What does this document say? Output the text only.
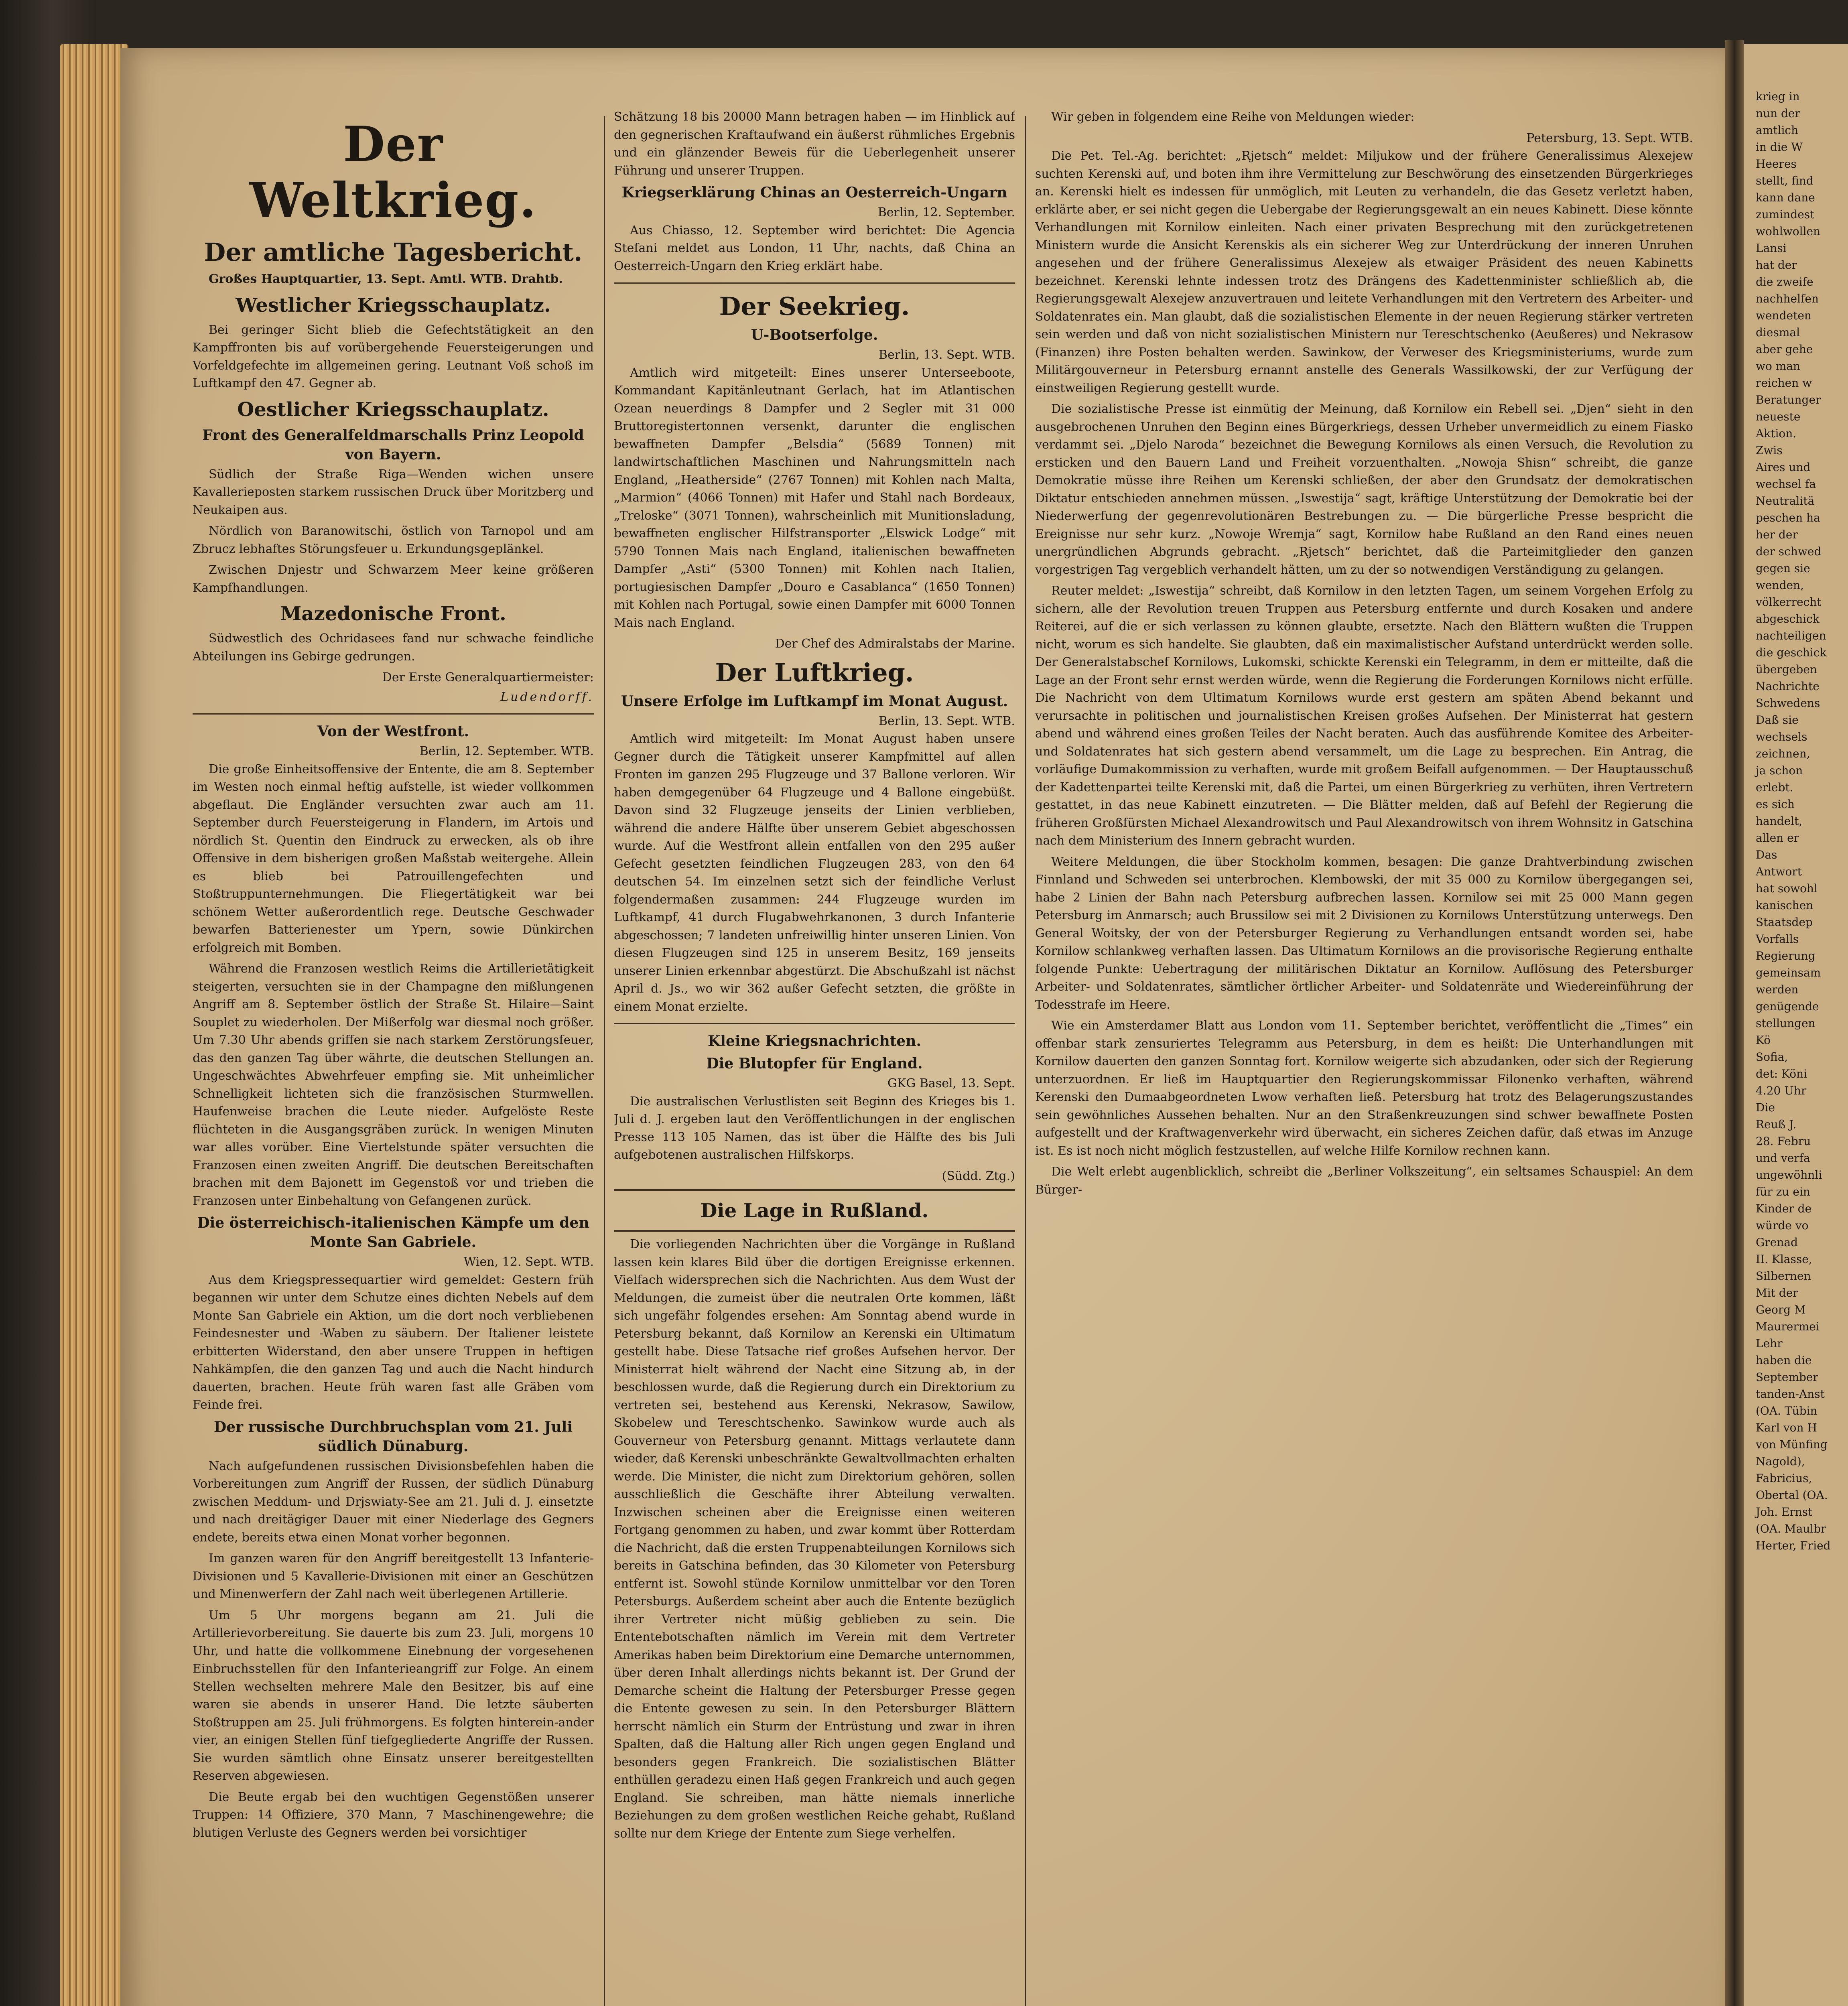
Der Weltkrieg.
Der amtliche Tagesbericht.

Großes Hauptquartier, 13. Sept. Amtl. WTB. Drahtb.

Westlicher Kriegsschauplatz.

Bei geringer Sicht blieb die Gefechtstätigkeit an den Kampffronten bis auf vorübergehende Feuersteigerungen und Vorfeldgefechte im allgemeinen gering. Leutnant Voß schoß im Luftkampf den 47. Gegner ab.

Oestlicher Kriegsschauplatz.
Front des Generalfeldmarschalls Prinz Leopold von Bayern.

Südlich der Straße Riga—Wenden wichen unsere Kavallerieposten starkem russischen Druck über Moritzberg und Neukaipen aus.

Nördlich von Baranowitschi, östlich von Tarnopol und am Zbrucz lebhaftes Störungsfeuer u. Erkundungsgeplänkel.

Zwischen Dnjestr und Schwarzem Meer keine größeren Kampfhandlungen.

Mazedonische Front.

Südwestlich des Ochridasees fand nur schwache feindliche Abteilungen ins Gebirge gedrungen.

Der Erste Generalquartiermeister:

Ludendorff.

Von der Westfront.

Berlin, 12. September. WTB.

Die große Einheitsoffensive der Entente, die am 8. September im Westen noch einmal heftig aufstelle, ist wieder vollkommen abgeflaut. Die Engländer versuchten zwar auch am 11. September durch Feuersteigerung in Flandern, im Artois und nördlich St. Quentin den Eindruck zu erwecken, als ob ihre Offensive in dem bisherigen großen Maßstab weitergehe. Allein es blieb bei Patrouillengefechten und Stoßtruppunternehmungen. Die Fliegertätigkeit war bei schönem Wetter außerordentlich rege. Deutsche Geschwader bewarfen Batterienester um Ypern, sowie Dünkirchen erfolgreich mit Bomben.

Während die Franzosen westlich Reims die Artillerietätigkeit steigerten, versuchten sie in der Champagne den mißlungenen Angriff am 8. September östlich der Straße St. Hilaire—Saint Souplet zu wiederholen. Der Mißerfolg war diesmal noch größer. Um 7.30 Uhr abends griffen sie nach starkem Zerstörungsfeuer, das den ganzen Tag über währte, die deutschen Stellungen an. Ungeschwächtes Abwehrfeuer empfing sie. Mit unheimlicher Schnelligkeit lichteten sich die französischen Sturmwellen. Haufenweise brachen die Leute nieder. Aufgelöste Reste flüchteten in die Ausgangsgräben zurück. In wenigen Minuten war alles vorüber. Eine Viertelstunde später versuchten die Franzosen einen zweiten Angriff. Die deutschen Bereitschaften brachen mit dem Bajonett im Gegenstoß vor und trieben die Franzosen unter Einbehaltung von Gefangenen zurück.

Die österreichisch-italienischen Kämpfe um den Monte San Gabriele.

Wien, 12. Sept. WTB.

Aus dem Kriegspressequartier wird gemeldet: Gestern früh begannen wir unter dem Schutze eines dichten Nebels auf dem Monte San Gabriele ein Aktion, um die dort noch verbliebenen Feindesnester und -Waben zu säubern. Der Italiener leistete erbitterten Widerstand, den aber unsere Truppen in heftigen Nahkämpfen, die den ganzen Tag und auch die Nacht hindurch dauerten, brachen. Heute früh waren fast alle Gräben vom Feinde frei.

Der russische Durchbruchsplan vom 21. Juli südlich Dünaburg.

Nach aufgefundenen russischen Divisionsbefehlen haben die Vorbereitungen zum Angriff der Russen, der südlich Dünaburg zwischen Meddum- und Drjswiaty-See am 21. Juli d. J. einsetzte und nach dreitägiger Dauer mit einer Niederlage des Gegners endete, bereits etwa einen Monat vorher begonnen.

Im ganzen waren für den Angriff bereitgestellt 13 Infanterie-Divisionen und 5 Kavallerie-Divisionen mit einer an Geschützen und Minenwerfern der Zahl nach weit überlegenen Artillerie.

Um 5 Uhr morgens begann am 21. Juli die Artillerievorbereitung. Sie dauerte bis zum 23. Juli, morgens 10 Uhr, und hatte die vollkommene Einebnung der vorgesehenen Einbruchsstellen für den Infanterieangriff zur Folge. An einem Stellen wechselten mehrere Male den Besitzer, bis auf eine waren sie abends in unserer Hand. Die letzte säuberten Stoßtruppen am 25. Juli frühmorgens. Es folgten hinterein-ander vier, an einigen Stellen fünf tiefgegliederte Angriffe der Russen. Sie wurden sämtlich ohne Einsatz unserer bereitgestellten Reserven abgewiesen.

Die Beute ergab bei den wuchtigen Gegenstößen unserer Truppen: 14 Offiziere, 370 Mann, 7 Maschinengewehre; die blutigen Verluste des Gegners werden bei vorsichtiger

Schätzung 18 bis 20000 Mann betragen haben — im Hinblick auf den gegnerischen Kraftaufwand ein äußerst rühmliches Ergebnis und ein glänzender Beweis für die Ueberlegenheit unserer Führung und unserer Truppen.

Kriegserklärung Chinas an Oesterreich-Ungarn

Berlin, 12. September.

Aus Chiasso, 12. September wird berichtet: Die Agencia Stefani meldet aus London, 11 Uhr, nachts, daß China an Oesterreich-Ungarn den Krieg erklärt habe.

Der Seekrieg.
U-Bootserfolge.

Berlin, 13. Sept. WTB.

Amtlich wird mitgeteilt: Eines unserer Unterseeboote, Kommandant Kapitänleutnant Gerlach, hat im Atlantischen Ozean neuerdings 8 Dampfer und 2 Segler mit 31 000 Bruttoregistertonnen versenkt, darunter die englischen bewaffneten Dampfer „Belsdia“ (5689 Tonnen) mit landwirtschaftlichen Maschinen und Nahrungsmitteln nach England, „Heatherside“ (2767 Tonnen) mit Kohlen nach Malta, „Marmion“ (4066 Tonnen) mit Hafer und Stahl nach Bordeaux, „Treloske“ (3071 Tonnen), wahrscheinlich mit Munitionsladung, bewaffneten englischer Hilfstransporter „Elswick Lodge“ mit 5790 Tonnen Mais nach England, italienischen bewaffneten Dampfer „Asti“ (5300 Tonnen) mit Kohlen nach Italien, portugiesischen Dampfer „Douro e Casablanca“ (1650 Tonnen) mit Kohlen nach Portugal, sowie einen Dampfer mit 6000 Tonnen Mais nach England.

Der Chef des Admiralstabs der Marine.

Der Luftkrieg.
Unsere Erfolge im Luftkampf im Monat August.

Berlin, 13. Sept. WTB.

Amtlich wird mitgeteilt: Im Monat August haben unsere Gegner durch die Tätigkeit unserer Kampfmittel auf allen Fronten im ganzen 295 Flugzeuge und 37 Ballone verloren. Wir haben demgegenüber 64 Flugzeuge und 4 Ballone eingebüßt. Davon sind 32 Flugzeuge jenseits der Linien verblieben, während die andere Hälfte über unserem Gebiet abgeschossen wurde. Auf die Westfront allein entfallen von den 295 außer Gefecht gesetzten feindlichen Flugzeugen 283, von den 64 deutschen 54. Im einzelnen setzt sich der feindliche Verlust folgendermaßen zusammen: 244 Flugzeuge wurden im Luftkampf, 41 durch Flugabwehrkanonen, 3 durch Infanterie abgeschossen; 7 landeten unfreiwillig hinter unseren Linien. Von diesen Flugzeugen sind 125 in unserem Besitz, 169 jenseits unserer Linien erkennbar abgestürzt. Die Abschußzahl ist nächst April d. Js., wo wir 362 außer Gefecht setzten, die größte in einem Monat erzielte.

Kleine Kriegsnachrichten.
Die Blutopfer für England.

GKG Basel, 13. Sept.

Die australischen Verlustlisten seit Beginn des Krieges bis 1. Juli d. J. ergeben laut den Veröffentlichungen in der englischen Presse 113 105 Namen, das ist über die Hälfte des bis Juli aufgebotenen australischen Hilfskorps.

(Südd. Ztg.)

Die Lage in Rußland.

Die vorliegenden Nachrichten über die Vorgänge in Rußland lassen kein klares Bild über die dortigen Ereignisse erkennen. Vielfach widersprechen sich die Nachrichten. Aus dem Wust der Meldungen, die zumeist über die neutralen Orte kommen, läßt sich ungefähr folgendes ersehen: Am Sonntag abend wurde in Petersburg bekannt, daß Kornilow an Kerenski ein Ultimatum gestellt habe. Diese Tatsache rief großes Aufsehen hervor. Der Ministerrat hielt während der Nacht eine Sitzung ab, in der beschlossen wurde, daß die Regierung durch ein Direktorium zu vertreten sei, bestehend aus Kerenski, Nekrasow, Sawilow, Skobelew und Tereschtschenko. Sawinkow wurde auch als Gouverneur von Petersburg genannt. Mittags verlautete dann wieder, daß Kerenski unbeschränkte Gewaltvollmachten erhalten werde. Die Minister, die nicht zum Direktorium gehören, sollen ausschließlich die Geschäfte ihrer Abteilung verwalten. Inzwischen scheinen aber die Ereignisse einen weiteren Fortgang genommen zu haben, und zwar kommt über Rotterdam die Nachricht, daß die ersten Truppenabteilungen Kornilows sich bereits in Gatschina befinden, das 30 Kilometer von Petersburg entfernt ist. Sowohl stünde Kornilow unmittelbar vor den Toren Petersburgs. Außerdem scheint aber auch die Entente bezüglich ihrer Vertreter nicht müßig geblieben zu sein. Die Ententebotschaften nämlich im Verein mit dem Vertreter Amerikas haben beim Direktorium eine Demarche unternommen, über deren Inhalt allerdings nichts bekannt ist. Der Grund der Demarche scheint die Haltung der Petersburger Presse gegen die Entente gewesen zu sein. In den Petersburger Blättern herrscht nämlich ein Sturm der Entrüstung und zwar in ihren Spalten, daß die Haltung aller Rich ungen gegen England und besonders gegen Frankreich. Die sozialistischen Blätter enthüllen geradezu einen Haß gegen Frankreich und auch gegen England. Sie schreiben, man hätte niemals innerliche Beziehungen zu dem großen westlichen Reiche gehabt, Rußland sollte nur dem Kriege der Entente zum Siege verhelfen.

Wir geben in folgendem eine Reihe von Meldungen wieder:

Petersburg, 13. Sept. WTB.

Die Pet. Tel.-Ag. berichtet: „Rjetsch“ meldet: Miljukow und der frühere Generalissimus Alexejew suchten Kerenski auf, und boten ihm ihre Vermittelung zur Beschwörung des einsetzenden Bürgerkrieges an. Kerenski hielt es indessen für unmöglich, mit Leuten zu verhandeln, die das Gesetz verletzt haben, erklärte aber, er sei nicht gegen die Uebergabe der Regierungsgewalt an ein neues Kabinett. Diese könnte Verhandlungen mit Kornilow einleiten. Nach einer privaten Besprechung mit den zurückgetretenen Ministern wurde die Ansicht Kerenskis als ein sicherer Weg zur Unterdrückung der inneren Unruhen angesehen und der frühere Generalissimus Alexejew als etwaiger Präsident des neuen Kabinetts bezeichnet. Kerenski lehnte indessen trotz des Drängens des Kadettenminister schließlich ab, die Regierungsgewalt Alexejew anzuvertrauen und leitete Verhandlungen mit den Vertretern des Arbeiter- und Soldatenrates ein. Man glaubt, daß die sozialistischen Elemente in der neuen Regierung stärker vertreten sein werden und daß von nicht sozialistischen Ministern nur Tereschtschenko (Aeußeres) und Nekrasow (Finanzen) ihre Posten behalten werden. Sawinkow, der Verweser des Kriegsministeriums, wurde zum Militärgouverneur in Petersburg ernannt anstelle des Generals Wassilkowski, der zur Verfügung der einstweiligen Regierung gestellt wurde.

Die sozialistische Presse ist einmütig der Meinung, daß Kornilow ein Rebell sei. „Djen“ sieht in den ausgebrochenen Unruhen den Beginn eines Bürgerkriegs, dessen Urheber unvermeidlich zu einem Fiasko verdammt sei. „Djelo Naroda“ bezeichnet die Bewegung Kornilows als einen Versuch, die Revolution zu ersticken und den Bauern Land und Freiheit vorzuenthalten. „Nowoja Shisn“ schreibt, die ganze Demokratie müsse ihre Reihen um Kerenski schließen, der aber den Grundsatz der demokratischen Diktatur entschieden annehmen müssen. „Iswestija“ sagt, kräftige Unterstützung der Demokratie bei der Niederwerfung der gegenrevolutionären Bestrebungen zu. — Die bürgerliche Presse bespricht die Ereignisse nur sehr kurz. „Nowoje Wremja“ sagt, Kornilow habe Rußland an den Rand eines neuen unergründlichen Abgrunds gebracht. „Rjetsch“ berichtet, daß die Parteimitglieder den ganzen vorgestrigen Tag vergeblich verhandelt hätten, um zu der so notwendigen Verständigung zu gelangen.

Reuter meldet: „Iswestija“ schreibt, daß Kornilow in den letzten Tagen, um seinem Vorgehen Erfolg zu sichern, alle der Revolution treuen Truppen aus Petersburg entfernte und durch Kosaken und andere Reiterei, auf die er sich verlassen zu können glaubte, ersetzte. Nach den Blättern wußten die Truppen nicht, worum es sich handelte. Sie glaubten, daß ein maximalistischer Aufstand unterdrückt werden solle. Der Generalstabschef Kornilows, Lukomski, schickte Kerenski ein Telegramm, in dem er mitteilte, daß die Lage an der Front sehr ernst werden würde, wenn die Regierung die Forderungen Kornilows nicht erfülle. Die Nachricht von dem Ultimatum Kornilows wurde erst gestern am späten Abend bekannt und verursachte in politischen und journalistischen Kreisen großes Aufsehen. Der Ministerrat hat gestern abend und während eines großen Teiles der Nacht beraten. Auch das ausführende Komitee des Arbeiter- und Soldatenrates hat sich gestern abend versammelt, um die Lage zu besprechen. Ein Antrag, die vorläufige Dumakommission zu verhaften, wurde mit großem Beifall aufgenommen. — Der Hauptausschuß der Kadettenpartei teilte Kerenski mit, daß die Partei, um einen Bürgerkrieg zu verhüten, ihren Vertretern gestattet, in das neue Kabinett einzutreten. — Die Blätter melden, daß auf Befehl der Regierung die früheren Großfürsten Michael Alexandrowitsch und Paul Alexandrowitsch von ihrem Wohnsitz in Gatschina nach dem Ministerium des Innern gebracht wurden.

Weitere Meldungen, die über Stockholm kommen, besagen: Die ganze Drahtverbindung zwischen Finnland und Schweden sei unterbrochen. Klembowski, der mit 35 000 zu Kornilow übergegangen sei, habe 2 Linien der Bahn nach Petersburg aufbrechen lassen. Kornilow sei mit 25 000 Mann gegen Petersburg im Anmarsch; auch Brussilow sei mit 2 Divisionen zu Kornilows Unterstützung unterwegs. Den General Woitsky, der von der Petersburger Regierung zu Verhandlungen entsandt worden sei, habe Kornilow schlankweg verhaften lassen. Das Ultimatum Kornilows an die provisorische Regierung enthalte folgende Punkte: Uebertragung der militärischen Diktatur an Kornilow. Auflösung des Petersburger Arbeiter- und Soldatenrates, sämtlicher örtlicher Arbeiter- und Soldatenräte und Wiedereinführung der Todesstrafe im Heere.

Wie ein Amsterdamer Blatt aus London vom 11. September berichtet, veröffentlicht die „Times“ ein offenbar stark zensuriertes Telegramm aus Petersburg, in dem es heißt: Die Unterhandlungen mit Kornilow dauerten den ganzen Sonntag fort. Kornilow weigerte sich abzudanken, oder sich der Regierung unterzuordnen. Er ließ im Hauptquartier den Regierungskommissar Filonenko verhaften, während Kerenski den Dumaabgeordneten Lwow verhaften ließ. Petersburg hat trotz des Belagerungszustandes sein gewöhnliches Aussehen behalten. Nur an den Straßenkreuzungen sind schwer bewaffnete Posten aufgestellt und der Kraftwagenverkehr wird überwacht, ein sicheres Zeichen dafür, daß etwas im Anzuge ist. Es ist noch nicht möglich festzustellen, auf welche Hilfe Kornilow rechnen kann.

Die Welt erlebt augenblicklich, schreibt die „Berliner Volkszeitung“, ein seltsames Schauspiel: An dem Bürger-

krieg in
nun der
amtlich
in die W
Heeres
stellt, find
kann dane
zumindest
wohlwollen
Lansi
hat der
die zweife
nachhelfen
wendeten
diesmal
aber gehe
wo man
reichen w
Beratunger
neueste
Aktion.
Zwis
Aires und
wechsel fa
Neutralitä
peschen ha
her der
der schwed
gegen sie
wenden,
völkerrecht
abgeschick
nachteiligen
die geschick
übergeben
Nachrichte
Schwedens
Daß sie
wechsels
zeichnen,
ja schon
erlebt.
es sich
handelt,
allen er
Das
Antwort
hat sowohl
kanischen
Staatsdep
Vorfalls
Regierung
gemeinsam
werden
genügende
stellungen
Kö
Sofia,
det: Köni
4.20 Uhr
Die
Reuß J.
28. Febru
und verfa
ungewöhnli
für zu ein
Kinder de
würde vo
Grenad
II. Klasse,
Silbernen
Mit der
Georg M
Maurermei
Lehr
haben die
September
tanden-Anst
(OA. Tübin
Karl von H
von Münfing
Nagold),
Fabricius,
Obertal (OA.
Joh. Ernst
(OA. Maulbr
Herter, Fried
